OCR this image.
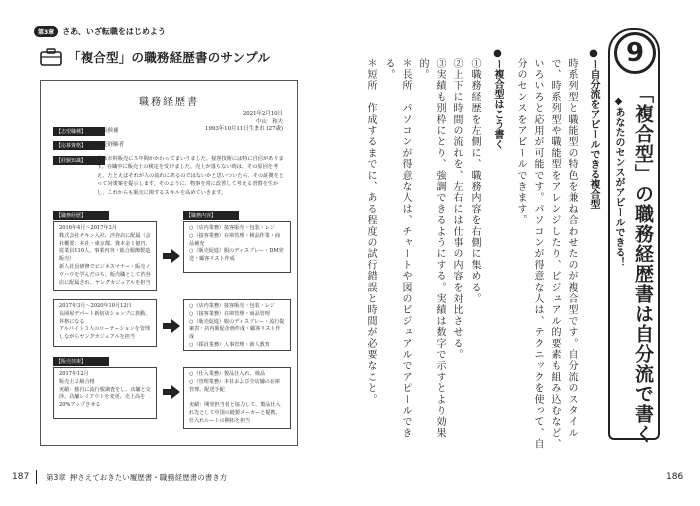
第3章	さあ、いざ転職をはじめよう
「複合型」の職務経歴書のサンプル
職務経歴書
2021年2月10日
中山　和夫
1993年10月11日生まれ (27歳)
【志望職種】	店長候補
【応募資格】	販売経験者
【経験知識】	私は衣料販売に５年間かかわってまいりました。接客技術には特に自信があります。在職中に販売士の検定を受けました。売上が落ちない時は、その原因を考え、たとえばそれが人の流れにあるのではないかと思いついたら、その証拠をとって対策案を提示します。そのように、物事を常に改善して考える習慣を生かし、これからも販売に関するスキルを高めていきます。
【職務経歴】	【職務内容】
2016年4月〜2017年3月
株式会社チキン入社、渋谷店に配属（会社概要：本社・東京都、資本金１億円、従業員110人、事業内容・総合服飾製造販売）
新人社員研修でビジネスマナー・販売ノウハウを学んだのち、販売職として渋谷店に配属され、ヤングカジュアルを担当
○（店内業務）接客販売・包装・レジ
○（接客業務）在庫管理・検品作業・商品補充
○（販売促進）服のディスプレー・DM発送・顧客リスト作成
2017年3月〜2020年10月12日
長岡屋デパート新宿店ショップに異動、昇格になる
アルバイト３人のローテーションを管理しながらヤングカジュアルを担当
○（店内業務）接客販売・包装・レジ
○（接客業務）在庫管理・商品管理
○（販売促進）服のディスプレー・流行提案表・店内販促企画作成・顧客リスト作成
○（採員業務）人事管理・新人教育
【販売技術】
2017年12月
販売士２級合格
実績：独自に流行服調査をし、店舗と交渉。店舗レイアウトを変更、売上高を20%アップさせる
○（仕入業務）製品仕入れ、検品
○（管理業務）本社および全店舗の在庫管理、配送手配

実績：開発担当者と協力して、製品仕入れ先として中国の縫製メーカーと提携、仕入れルートの開拓を担当
187 第3章 押さえておきたい履歴書・職務経歴書の書き方
9
「複合型」の職務経歴書は自分流で書く
◆あなたのセンスがアピールできる！
●ー自分流をアピールできる複合型
時系列型と職能型の特色を兼ね合わせたのが複合型です。自分流のスタイルで、時系列型や職能型をアレンジしたり、ビジュアル的要素も組み込むなど、いろいろと応用が可能です。パソコンが得意な人は、テクニックを使って、自分のセンスをアピールできます。
●ー複合型はこう書く
①職務経歴を左側に、職務内容を右側に集める。
②上下に時間の流れを、左右には仕事の内容を対比させる。
③実績も別枠にとり、強調できるようにする。実績は数字で示すとより効果的。
＊長所　パソコンが得意な人は、チャートや図のビジュアルでアピールできる。
＊短所　作成するまでに、ある程度の試行錯誤と時間が必要なこと。
186
